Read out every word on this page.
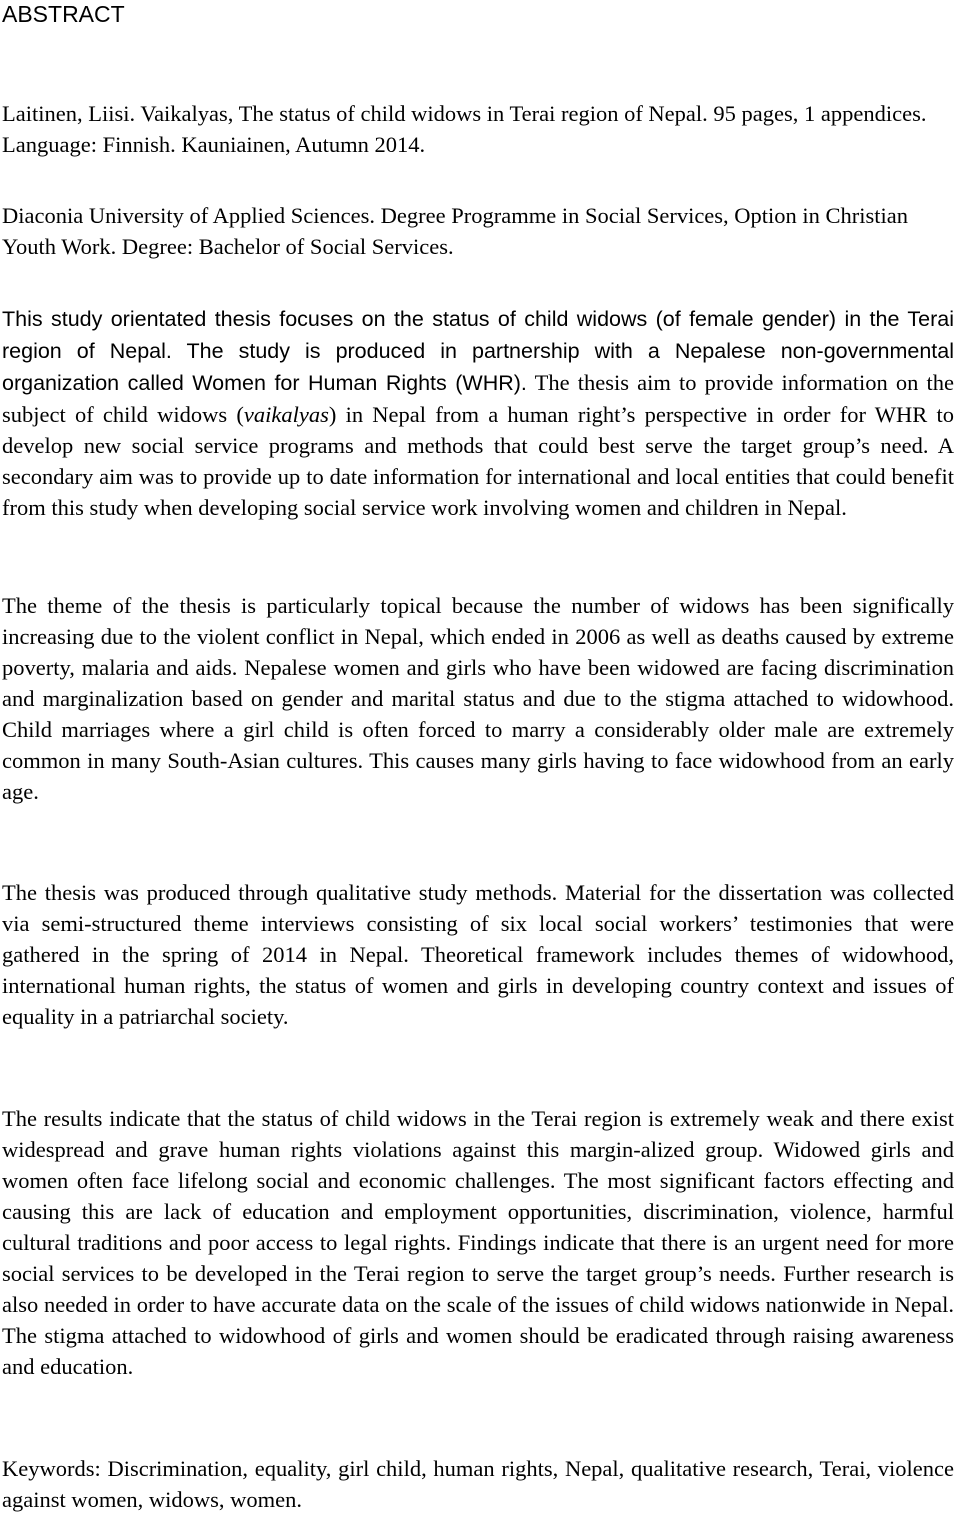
ABSTRACT

Laitinen, Liisi. Vaikalyas, The status of child widows in Terai region of Nepal. 95 pages, 1 appendices. Language: Finnish. Kauniainen, Autumn 2014.

Diaconia University of Applied Sciences. Degree Programme in Social Services, Option in Christian Youth Work. Degree: Bachelor of Social Services.

This study orientated thesis focuses on the status of child widows (of female gender) in the Terai region of Nepal. The study is produced in partnership with a Nepalese non-governmental organization called Women for Human Rights (WHR). The thesis aim to provide information on the subject of child widows (vaikalyas) in Nepal from a human right’s perspective in order for WHR to develop new social service programs and methods that could best serve the target group’s need. A secondary aim was to provide up to date information for international and local entities that could benefit from this study when developing social service work involving women and children in Nepal.

The theme of the thesis is particularly topical because the number of widows has been significally increasing due to the violent conflict in Nepal, which ended in 2006 as well as deaths caused by extreme poverty, malaria and aids. Nepalese women and girls who have been widowed are facing discrimination and marginalization based on gender and marital status and due to the stigma attached to widowhood. Child marriages where a girl child is often forced to marry a considerably older male are extremely common in many South-Asian cultures. This causes many girls having to face widowhood from an early age.

The thesis was produced through qualitative study methods. Material for the dissertation was collected via semi-structured theme interviews consisting of six local social workers’ testimonies that were gathered in the spring of 2014 in Nepal. Theoretical framework includes themes of widowhood, international human rights, the status of women and girls in developing country context and issues of equality in a patriarchal society.

The results indicate that the status of child widows in the Terai region is extremely weak and there exist widespread and grave human rights violations against this margin-alized group. Widowed girls and women often face lifelong social and economic challenges. The most significant factors effecting and causing this are lack of education and employment opportunities, discrimination, violence, harmful cultural traditions and poor access to legal rights. Findings indicate that there is an urgent need for more social services to be developed in the Terai region to serve the target group’s needs. Further research is also needed in order to have accurate data on the scale of the issues of child widows nationwide in Nepal. The stigma attached to widowhood of girls and women should be eradicated through raising awareness and education.

Keywords: Discrimination, equality, girl child, human rights, Nepal, qualitative research, Terai, violence against women, widows, women.
